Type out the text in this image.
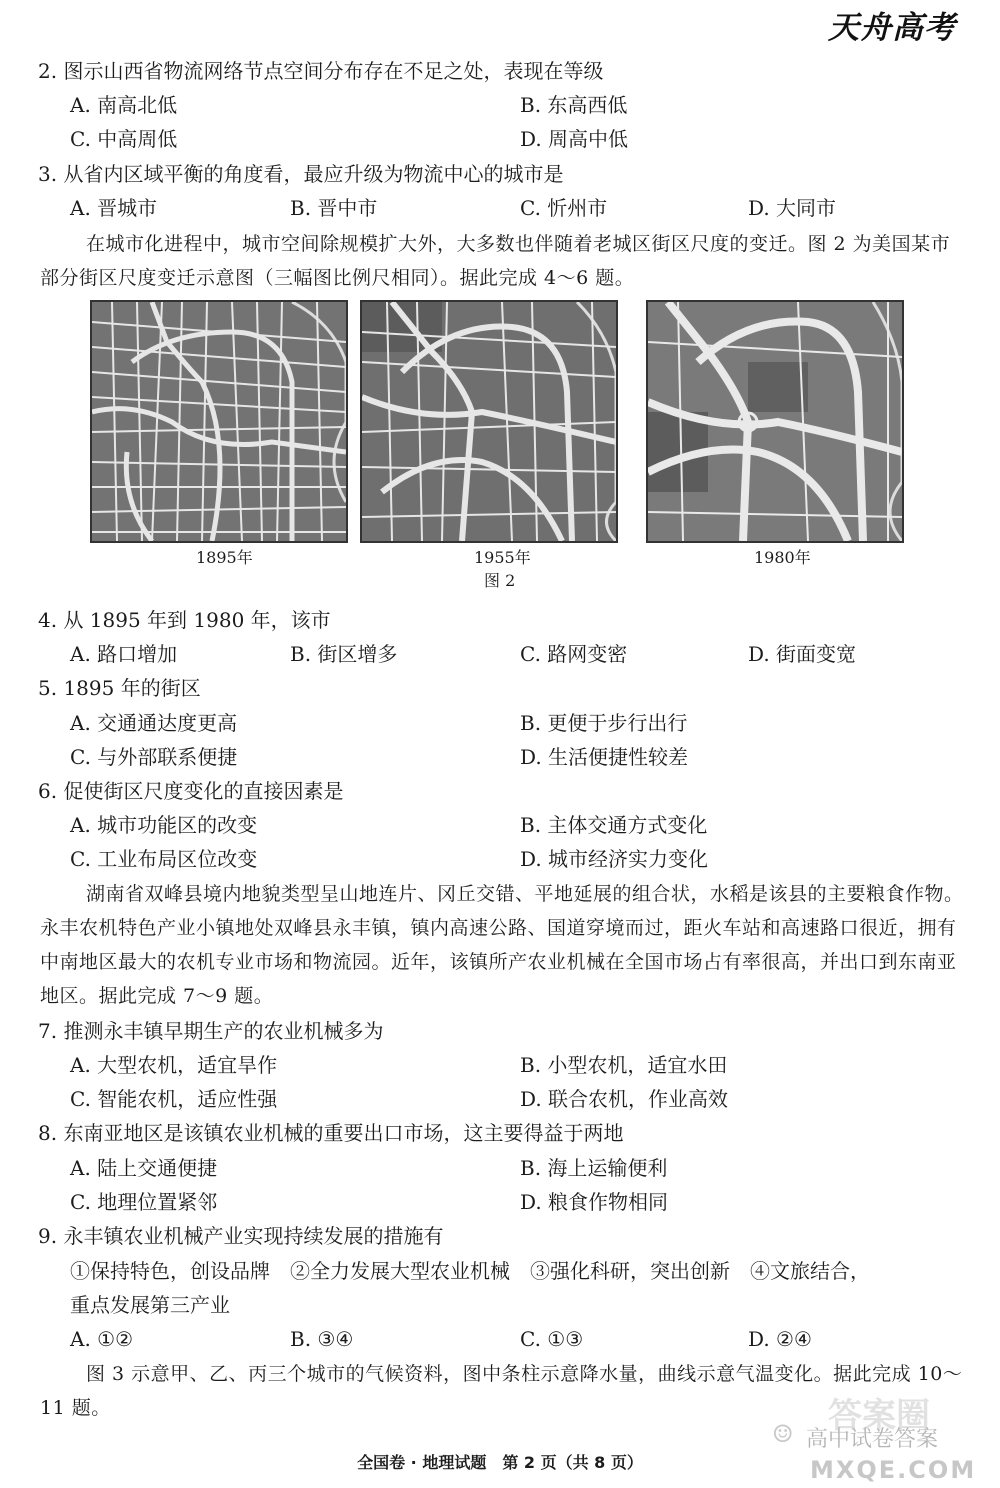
天舟高考
2. 图示山西省物流网络节点空间分布存在不足之处，表现在等级
A. 南高北低	B. 东高西低
C. 中高周低	D. 周高中低
3. 从省内区域平衡的角度看，最应升级为物流中心的城市是
A. 晋城市	B. 晋中市	C. 忻州市	D. 大同市
在城市化进程中，城市空间除规模扩大外，大多数也伴随着老城区街区尺度的变迁。图 2 为美国某市部分街区尺度变迁示意图（三幅图比例尺相同）。据此完成 4～6 题。
1895年	1955年	1980年
图 2
4. 从 1895 年到 1980 年，该市
A. 路口增加	B. 街区增多	C. 路网变密	D. 街面变宽
5. 1895 年的街区
A. 交通通达度更高	B. 更便于步行出行
C. 与外部联系便捷	D. 生活便捷性较差
6. 促使街区尺度变化的直接因素是
A. 城市功能区的改变	B. 主体交通方式变化
C. 工业布局区位改变	D. 城市经济实力变化
湖南省双峰县境内地貌类型呈山地连片、冈丘交错、平地延展的组合状，水稻是该县的主要粮食作物。永丰农机特色产业小镇地处双峰县永丰镇，镇内高速公路、国道穿境而过，距火车站和高速路口很近，拥有中南地区最大的农机专业市场和物流园。近年，该镇所产农业机械在全国市场占有率很高，并出口到东南亚地区。据此完成 7～9 题。
7. 推测永丰镇早期生产的农业机械多为
A. 大型农机，适宜旱作	B. 小型农机，适宜水田
C. 智能农机，适应性强	D. 联合农机，作业高效
8. 东南亚地区是该镇农业机械的重要出口市场，这主要得益于两地
A. 陆上交通便捷	B. 海上运输便利
C. 地理位置紧邻	D. 粮食作物相同
9. 永丰镇农业机械产业实现持续发展的措施有
①保持特色，创设品牌　②全力发展大型农业机械　③强化科研，突出创新　④文旅结合，
重点发展第三产业
A. ①②	B. ③④	C. ①③	D. ②④
图 3 示意甲、乙、丙三个城市的气候资料，图中条柱示意降水量，曲线示意气温变化。据此完成 10～11 题。	答案圈
☺ 高中试卷答案
MXQE.COM
全国卷 · 地理试题　第 2 页（共 8 页）
